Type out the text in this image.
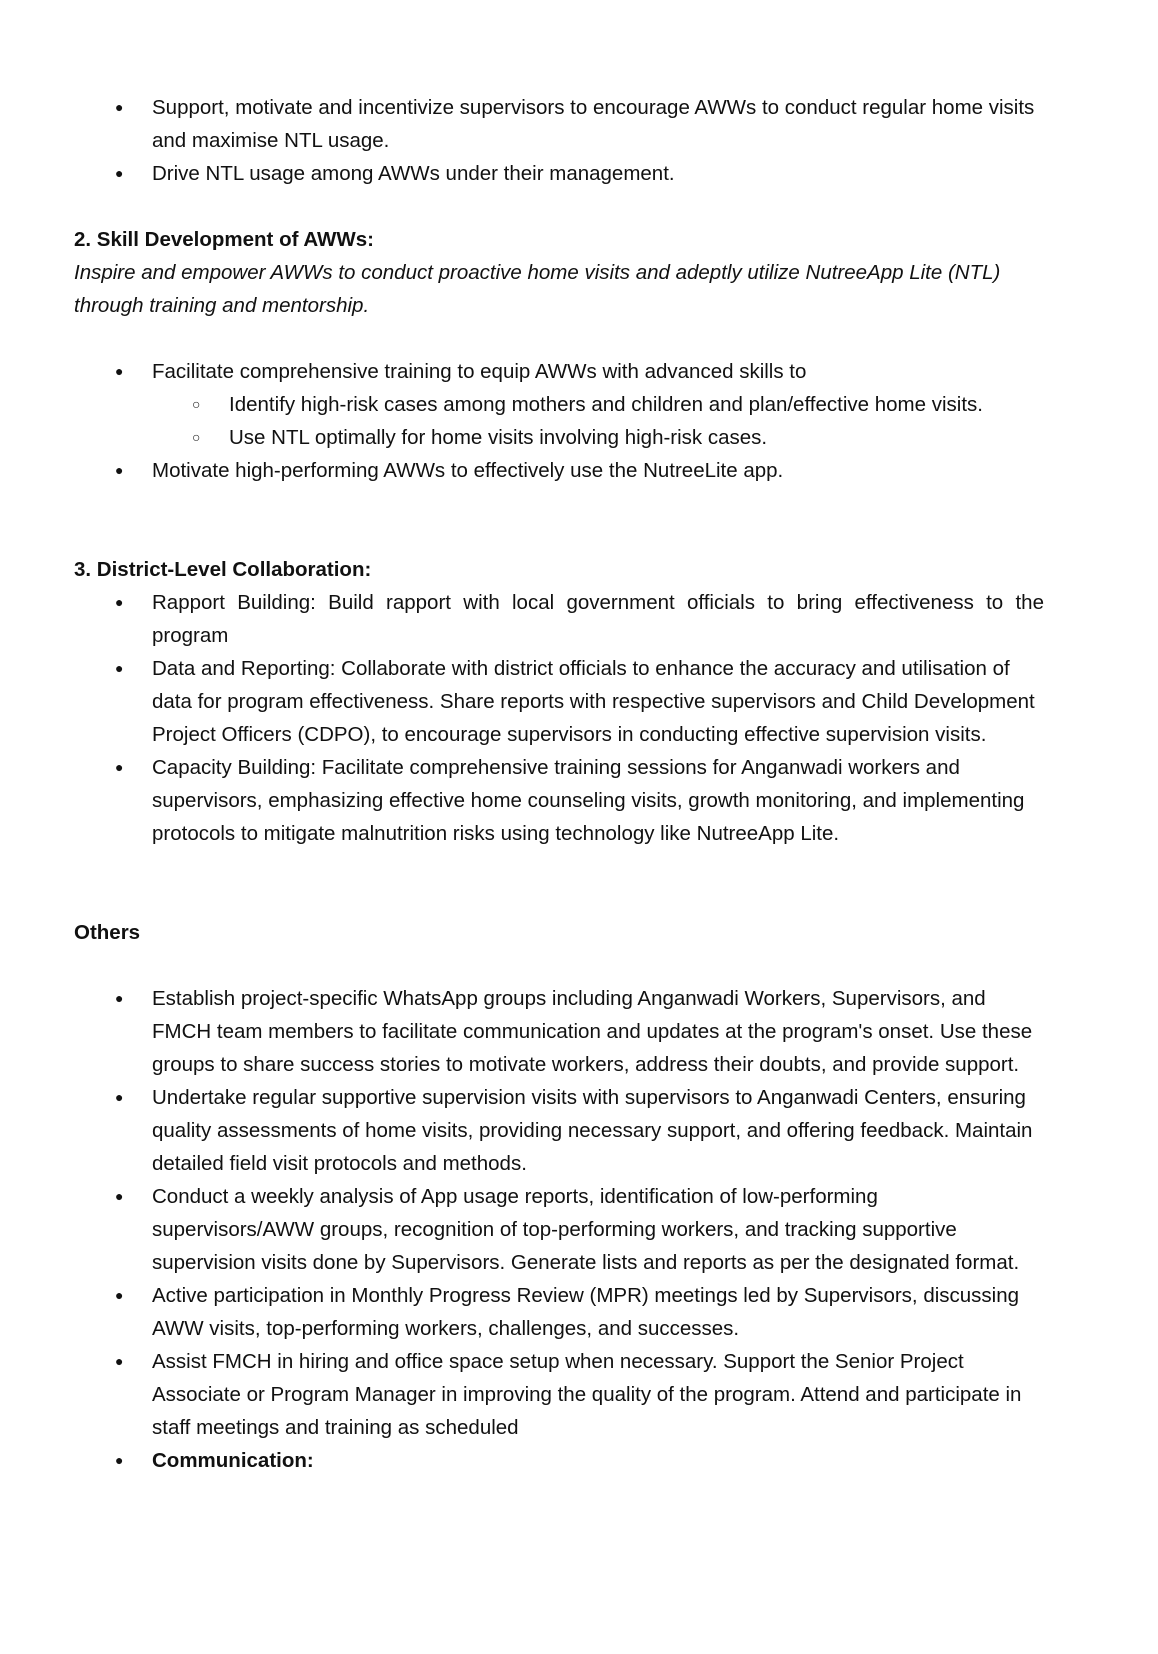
● Support, motivate and incentivize supervisors to encourage AWWs to conduct regular home visits and maximise NTL usage.
● Drive NTL usage among AWWs under their management.

2. Skill Development of AWWs:

Inspire and empower AWWs to conduct proactive home visits and adeptly utilize NutreeApp Lite (NTL) through training and mentorship.

● Facilitate comprehensive training to equip AWWs with advanced skills to
○ Identify high-risk cases among mothers and children and plan/effective home visits.
○ Use NTL optimally for home visits involving high-risk cases.
● Motivate high-performing AWWs to effectively use the NutreeLite app.

3. District-Level Collaboration:

● Rapport Building: Build rapport with local government officials to bring effectiveness to the program
● Data and Reporting: Collaborate with district officials to enhance the accuracy and utilisation of data for program effectiveness. Share reports with respective supervisors and Child Development Project Officers (CDPO), to encourage supervisors in conducting effective supervision visits.
● Capacity Building: Facilitate comprehensive training sessions for Anganwadi workers and supervisors, emphasizing effective home counseling visits, growth monitoring, and implementing protocols to mitigate malnutrition risks using technology like NutreeApp Lite.

Others

● Establish project-specific WhatsApp groups including Anganwadi Workers, Supervisors, and FMCH team members to facilitate communication and updates at the program's onset. Use these groups to share success stories to motivate workers, address their doubts, and provide support.
● Undertake regular supportive supervision visits with supervisors to Anganwadi Centers, ensuring quality assessments of home visits, providing necessary support, and offering feedback. Maintain detailed field visit protocols and methods.
● Conduct a weekly analysis of App usage reports, identification of low-performing supervisors/AWW groups, recognition of top-performing workers, and tracking supportive supervision visits done by Supervisors. Generate lists and reports as per the designated format.
● Active participation in Monthly Progress Review (MPR) meetings led by Supervisors, discussing AWW visits, top-performing workers, challenges, and successes.
● Assist FMCH in hiring and office space setup when necessary. Support the Senior Project Associate or Program Manager in improving the quality of the program. Attend and participate in staff meetings and training as scheduled
● Communication:
